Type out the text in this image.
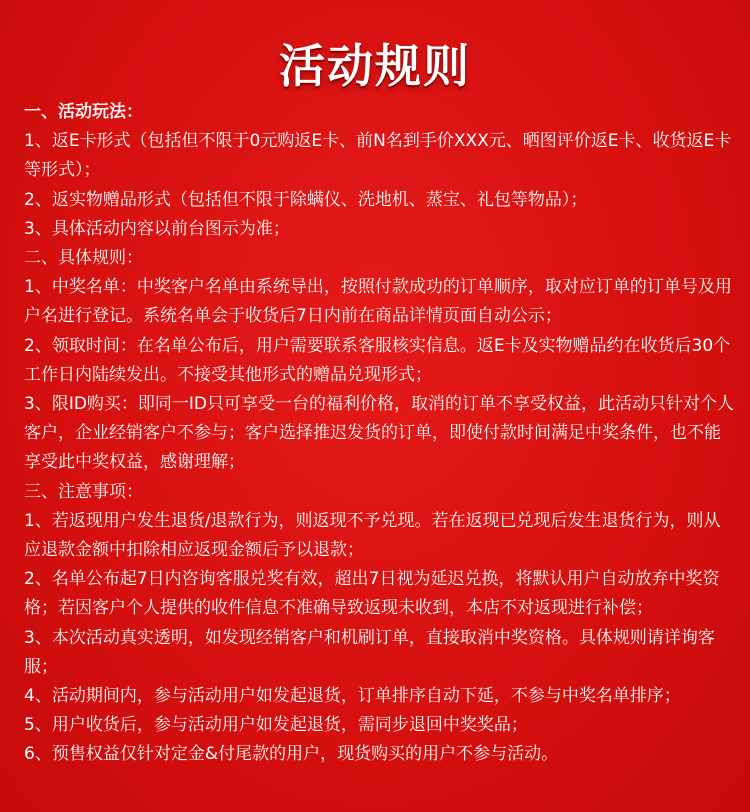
活动规则
一、活动玩法：
1、返E卡形式（包括但不限于0元购返E卡、前N名到手价XXX元、晒图评价返E卡、收货返E卡等形式）；
2、返实物赠品形式（包括但不限于除螨仪、洗地机、蒸宝、礼包等物品）；
3、具体活动内容以前台图示为准；
二、具体规则：
1、中奖名单：中奖客户名单由系统导出，按照付款成功的订单顺序，取对应订单的订单号及用户名进行登记。系统名单会于收货后7日内前在商品详情页面自动公示；
2、领取时间：在名单公布后，用户需要联系客服核实信息。返E卡及实物赠品约在收货后30个工作日内陆续发出。不接受其他形式的赠品兑现形式；
3、限ID购买：即同一ID只可享受一台的福利价格，取消的订单不享受权益，此活动只针对个人客户，企业经销客户不参与；客户选择推迟发货的订单，即使付款时间满足中奖条件，也不能享受此中奖权益，感谢理解；
三、注意事项：
1、若返现用户发生退货/退款行为，则返现不予兑现。若在返现已兑现后发生退货行为，则从应退款金额中扣除相应返现金额后予以退款；
2、名单公布起7日内咨询客服兑奖有效，超出7日视为延迟兑换，将默认用户自动放弃中奖资格；若因客户个人提供的收件信息不准确导致返现未收到，本店不对返现进行补偿；
3、本次活动真实透明，如发现经销客户和机刷订单，直接取消中奖资格。具体规则请详询客服；
4、活动期间内，参与活动用户如发起退货，订单排序自动下延，不参与中奖名单排序；
5、用户收货后，参与活动用户如发起退货，需同步退回中奖奖品；
6、预售权益仅针对定金&付尾款的用户，现货购买的用户不参与活动。
